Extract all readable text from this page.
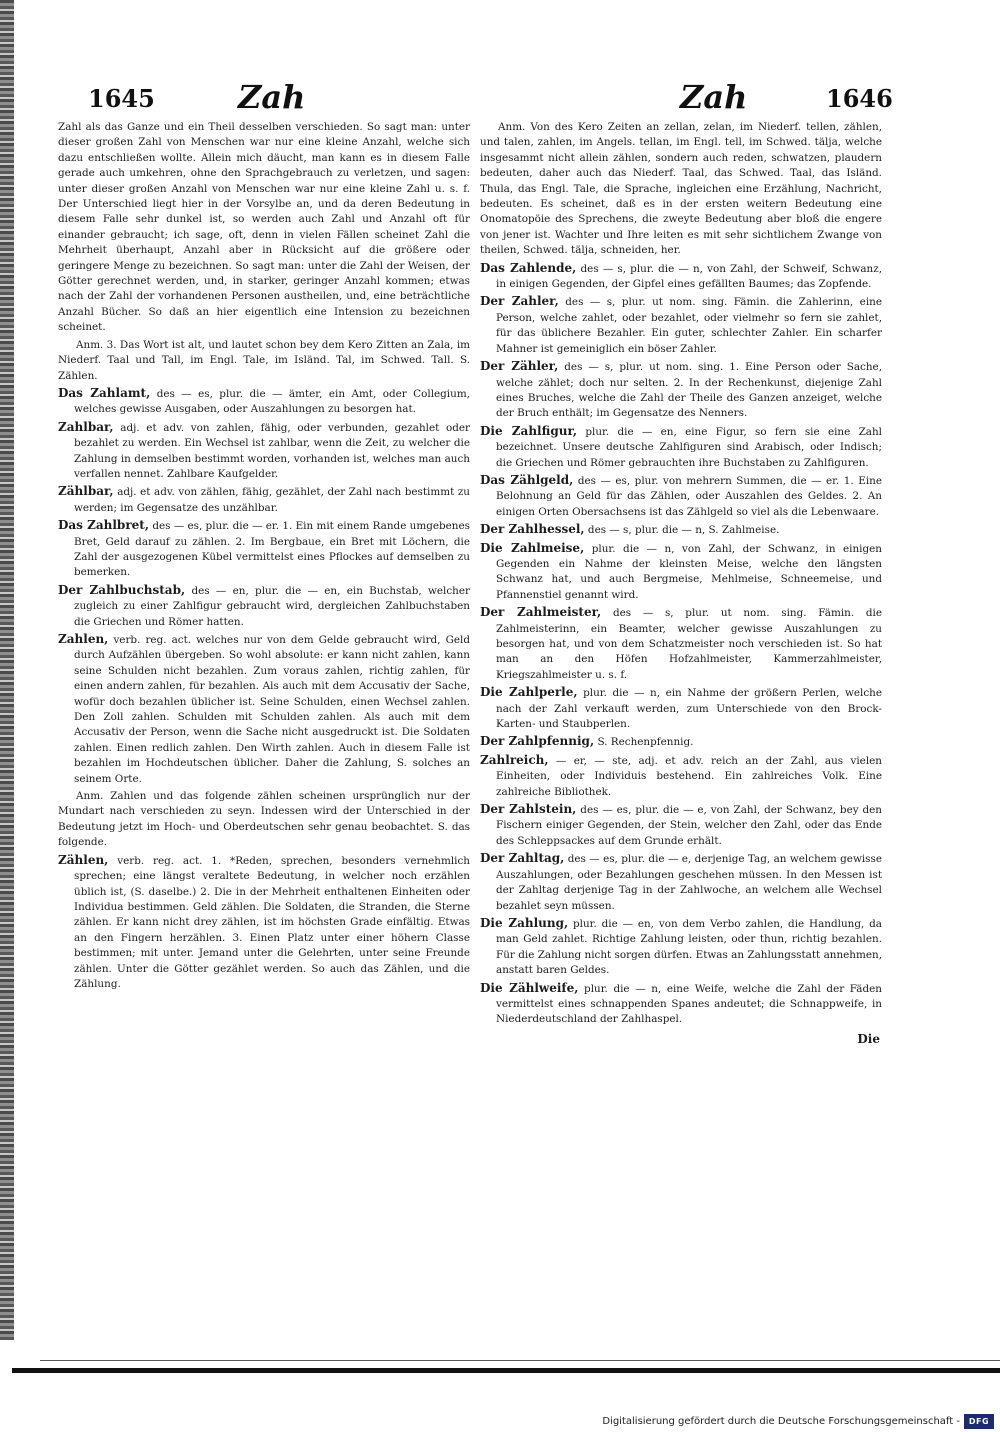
1645	Zah	Zah	1646

Zahl als das Ganze und ein Theil desselben verschieden. So sagt man: unter dieser großen Zahl von Menschen war nur eine kleine Anzahl, welche sich dazu entschließen wollte. Allein mich däucht, man kann es in diesem Falle gerade auch umkehren, ohne den Sprachgebrauch zu verletzen, und sagen: unter dieser großen Anzahl von Menschen war nur eine kleine Zahl u. s. f. Der Unterschied liegt hier in der Vorsylbe an, und da deren Bedeutung in diesem Falle sehr dunkel ist, so werden auch Zahl und Anzahl oft für einander gebraucht; ich sage, oft, denn in vielen Fällen scheinet Zahl die Mehrheit überhaupt, Anzahl aber in Rücksicht auf die größere oder geringere Menge zu bezeichnen. So sagt man: unter die Zahl der Weisen, der Götter gerechnet werden, und, in starker, geringer Anzahl kommen; etwas nach der Zahl der vorhandenen Personen austheilen, und, eine beträchtliche Anzahl Bücher. So daß an hier eigentlich eine Intension zu bezeichnen scheinet.

Anm. 3. Das Wort ist alt, und lautet schon bey dem Kero Zitten an Zala, im Niederf. Taal und Tall, im Engl. Tale, im Isländ. Tal, im Schwed. Tall. S. Zählen.

Das Zahlamt, des — es, plur. die — ämter, ein Amt, oder Collegium, welches gewisse Ausgaben, oder Auszahlungen zu besorgen hat.

Zahlbar, adj. et adv. von zahlen, fähig, oder verbunden, gezahlet oder bezahlet zu werden. Ein Wechsel ist zahlbar, wenn die Zeit, zu welcher die Zahlung in demselben bestimmt worden, vorhanden ist, welches man auch verfallen nennet. Zahlbare Kaufgelder.

Zählbar, adj. et adv. von zählen, fähig, gezählet, der Zahl nach bestimmt zu werden; im Gegensatze des unzählbar.

Das Zahlbret, des — es, plur. die — er. 1. Ein mit einem Rande umgebenes Bret, Geld darauf zu zählen. 2. Im Bergbaue, ein Bret mit Löchern, die Zahl der ausgezogenen Kübel vermittelst eines Pflockes auf demselben zu bemerken.

Der Zahlbuchstab, des — en, plur. die — en, ein Buchstab, welcher zugleich zu einer Zahlfigur gebraucht wird, dergleichen Zahlbuchstaben die Griechen und Römer hatten.

Zahlen, verb. reg. act. welches nur von dem Gelde gebraucht wird, Geld durch Aufzählen übergeben. So wohl absolute: er kann nicht zahlen, kann seine Schulden nicht bezahlen. Zum voraus zahlen, richtig zahlen, für einen andern zahlen, für bezahlen. Als auch mit dem Accusativ der Sache, wofür doch bezahlen üblicher ist. Seine Schulden, einen Wechsel zahlen. Den Zoll zahlen. Schulden mit Schulden zahlen. Als auch mit dem Accusativ der Person, wenn die Sache nicht ausgedruckt ist. Die Soldaten zahlen. Einen redlich zahlen. Den Wirth zahlen. Auch in diesem Falle ist bezahlen im Hochdeutschen üblicher. Daher die Zahlung, S. solches an seinem Orte.

Anm. Zahlen und das folgende zählen scheinen ursprünglich nur der Mundart nach verschieden zu seyn. Indessen wird der Unterschied in der Bedeutung jetzt im Hoch- und Oberdeutschen sehr genau beobachtet. S. das folgende.

Zählen, verb. reg. act. 1. *Reden, sprechen, besonders vernehmlich sprechen; eine längst veraltete Bedeutung, in welcher noch erzählen üblich ist, (S. daselbe.) 2. Die in der Mehrheit enthaltenen Einheiten oder Individua bestimmen. Geld zählen. Die Soldaten, die Stranden, die Sterne zählen. Er kann nicht drey zählen, ist im höchsten Grade einfältig. Etwas an den Fingern herzählen. 3. Einen Platz unter einer höhern Classe bestimmen; mit unter. Jemand unter die Gelehrten, unter seine Freunde zählen. Unter die Götter gezählet werden. So auch das Zählen, und die Zählung.

Anm. Von des Kero Zeiten an zellan, zelan, im Niederf. tellen, zählen, und talen, zahlen, im Angels. tellan, im Engl. tell, im Schwed. tälja, welche insgesammt nicht allein zählen, sondern auch reden, schwatzen, plaudern bedeuten, daher auch das Niederf. Taal, das Schwed. Taal, das Isländ. Thula, das Engl. Tale, die Sprache, ingleichen eine Erzählung, Nachricht, bedeuten. Es scheinet, daß es in der ersten weitern Bedeutung eine Onomatopöie des Sprechens, die zweyte Bedeutung aber bloß die engere von jener ist. Wachter und Ihre leiten es mit sehr sichtlichem Zwange von theilen, Schwed. tälja, schneiden, her.

Das Zahlende, des — s, plur. die — n, von Zahl, der Schweif, Schwanz, in einigen Gegenden, der Gipfel eines gefällten Baumes; das Zopfende.

Der Zahler, des — s, plur. ut nom. sing. Fämin. die Zahlerinn, eine Person, welche zahlet, oder bezahlet, oder vielmehr so fern sie zahlet, für das üblichere Bezahler. Ein guter, schlechter Zahler. Ein scharfer Mahner ist gemeiniglich ein böser Zahler.

Der Zähler, des — s, plur. ut nom. sing. 1. Eine Person oder Sache, welche zählet; doch nur selten. 2. In der Rechenkunst, diejenige Zahl eines Bruches, welche die Zahl der Theile des Ganzen anzeiget, welche der Bruch enthält; im Gegensatze des Nenners.

Die Zahlfigur, plur. die — en, eine Figur, so fern sie eine Zahl bezeichnet. Unsere deutsche Zahlfiguren sind Arabisch, oder Indisch; die Griechen und Römer gebrauchten ihre Buchstaben zu Zahlfiguren.

Das Zählgeld, des — es, plur. von mehrern Summen, die — er. 1. Eine Belohnung an Geld für das Zählen, oder Auszahlen des Geldes. 2. An einigen Orten Obersachsens ist das Zählgeld so viel als die Lebenwaare.

Der Zahlhessel, des — s, plur. die — n, S. Zahlmeise.

Die Zahlmeise, plur. die — n, von Zahl, der Schwanz, in einigen Gegenden ein Nahme der kleinsten Meise, welche den längsten Schwanz hat, und auch Bergmeise, Mehlmeise, Schneemeise, und Pfannenstiel genannt wird.

Der Zahlmeister, des — s, plur. ut nom. sing. Fämin. die Zahlmeisterinn, ein Beamter, welcher gewisse Auszahlungen zu besorgen hat, und von dem Schatzmeister noch verschieden ist. So hat man an den Höfen Hofzahlmeister, Kammerzahlmeister, Kriegszahlmeister u. s. f.

Die Zahlperle, plur. die — n, ein Nahme der größern Perlen, welche nach der Zahl verkauft werden, zum Unterschiede von den Brock-Karten- und Staubperlen.

Der Zahlpfennig, S. Rechenpfennig.

Zahlreich, — er, — ste, adj. et adv. reich an der Zahl, aus vielen Einheiten, oder Individuis bestehend. Ein zahlreiches Volk. Eine zahlreiche Bibliothek.

Der Zahlstein, des — es, plur. die — e, von Zahl, der Schwanz, bey den Fischern einiger Gegenden, der Stein, welcher den Zahl, oder das Ende des Schleppsackes auf dem Grunde erhält.

Der Zahltag, des — es, plur. die — e, derjenige Tag, an welchem gewisse Auszahlungen, oder Bezahlungen geschehen müssen. In den Messen ist der Zahltag derjenige Tag in der Zahlwoche, an welchem alle Wechsel bezahlet seyn müssen.

Die Zahlung, plur. die — en, von dem Verbo zahlen, die Handlung, da man Geld zahlet. Richtige Zahlung leisten, oder thun, richtig bezahlen. Für die Zahlung nicht sorgen dürfen. Etwas an Zahlungsstatt annehmen, anstatt baren Geldes.

Die Zählweife, plur. die — n, eine Weife, welche die Zahl der Fäden vermittelst eines schnappenden Spanes andeutet; die Schnappweife, in Niederdeutschland der Zahlhaspel.

Die
Digitalisierung gefördert durch die Deutsche Forschungsgemeinschaft -	DFG
